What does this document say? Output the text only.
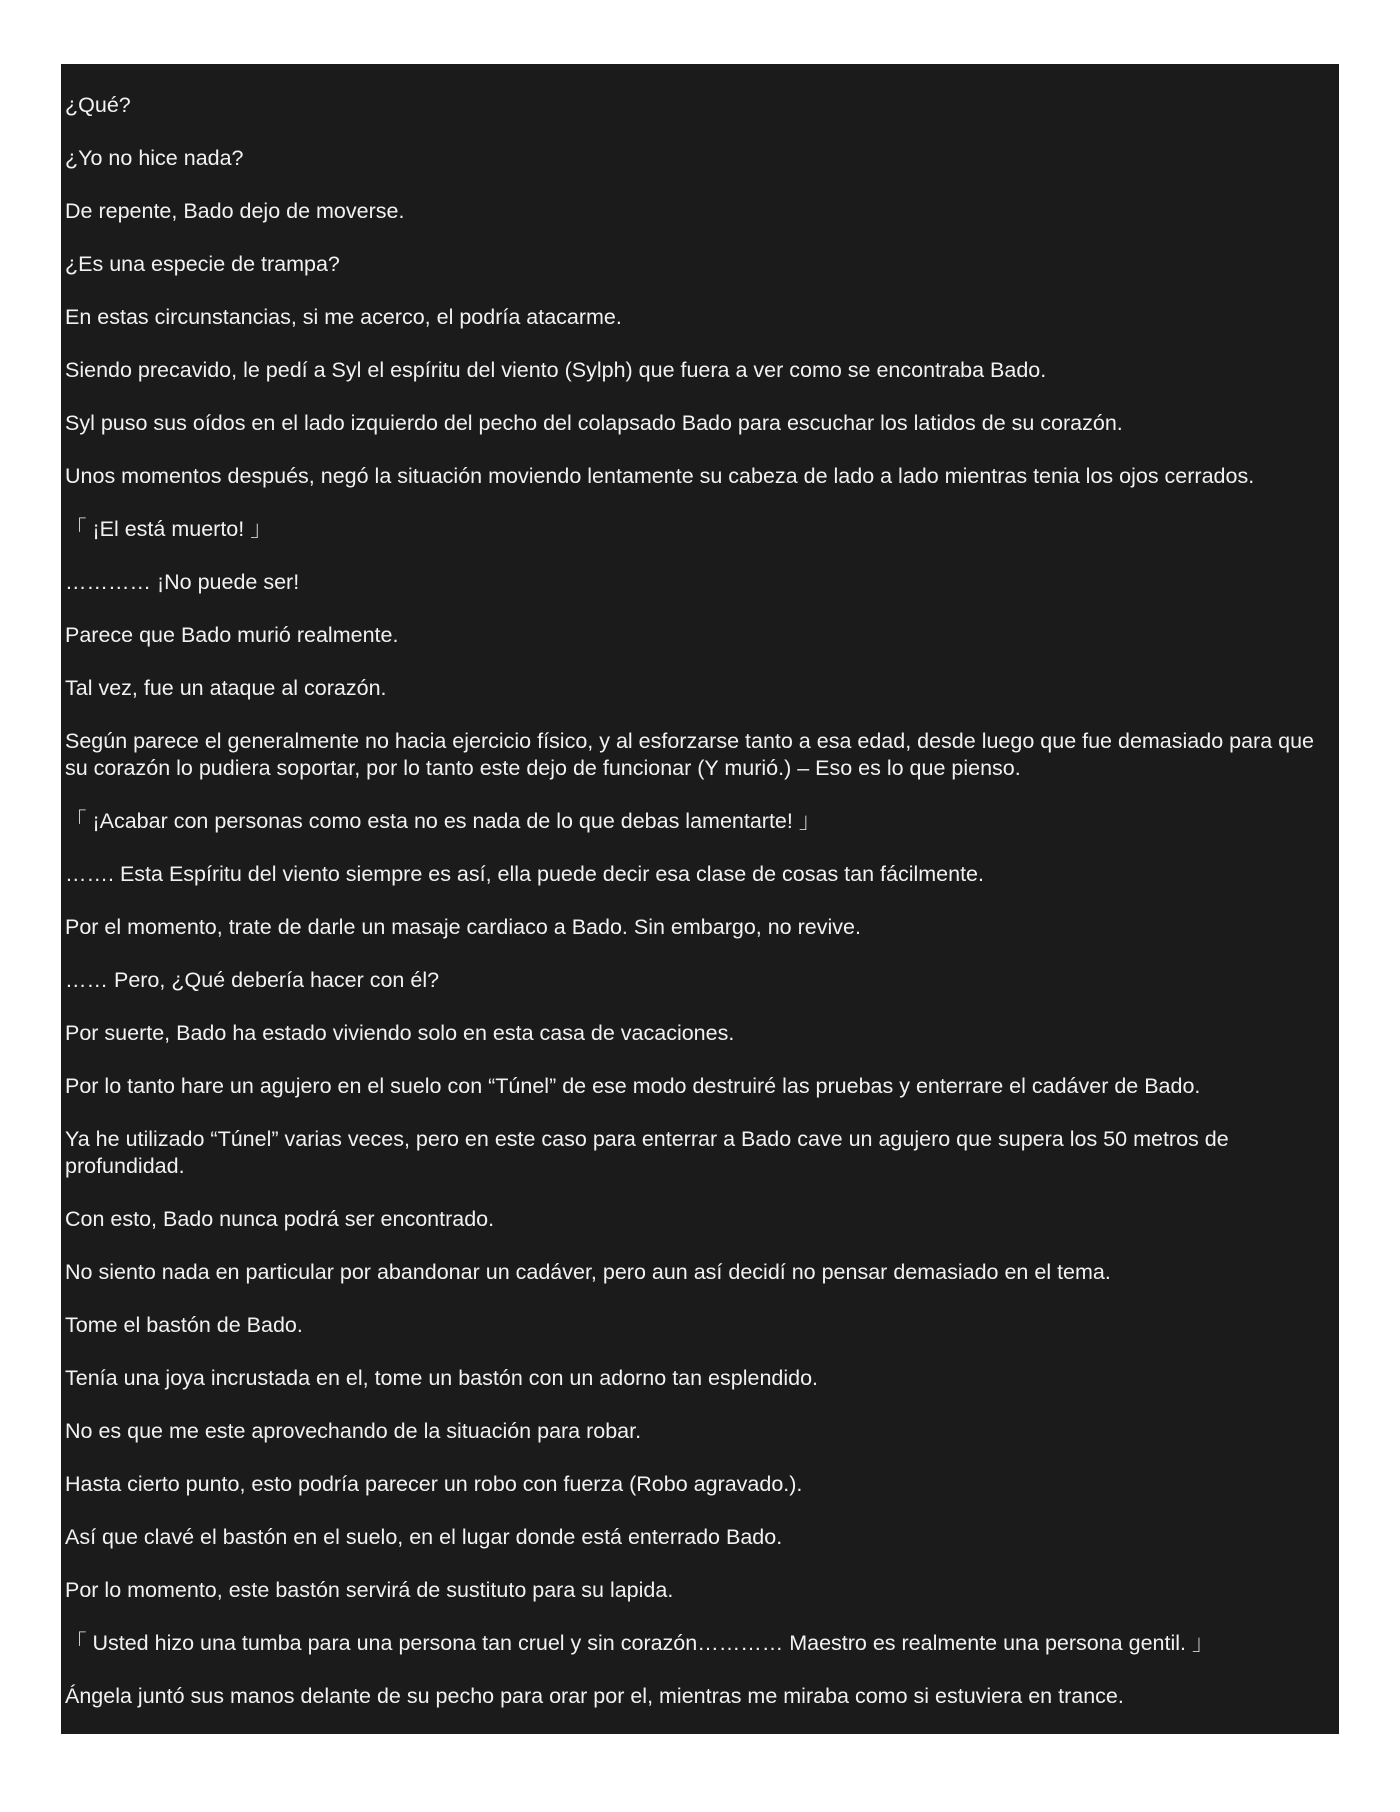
¿Qué?

¿Yo no hice nada?

De repente, Bado dejo de moverse.

¿Es una especie de trampa?

En estas circunstancias, si me acerco, el podría atacarme.

Siendo precavido, le pedí a Syl el espíritu del viento (Sylph) que fuera a ver como se encontraba Bado.

Syl puso sus oídos en el lado izquierdo del pecho del colapsado Bado para escuchar los latidos de su corazón.

Unos momentos después, negó la situación moviendo lentamente su cabeza de lado a lado mientras tenia los ojos cerrados.

「 ¡El está muerto! 」

………… ¡No puede ser!

Parece que Bado murió realmente.

Tal vez, fue un ataque al corazón.

Según parece el generalmente no hacia ejercicio físico, y al esforzarse tanto a esa edad, desde luego que fue demasiado para que su corazón lo pudiera soportar, por lo tanto este dejo de funcionar (Y murió.) – Eso es lo que pienso.

「 ¡Acabar con personas como esta no es nada de lo que debas lamentarte! 」

……. Esta Espíritu del viento siempre es así, ella puede decir esa clase de cosas tan fácilmente.

Por el momento, trate de darle un masaje cardiaco a Bado. Sin embargo, no revive.

…… Pero, ¿Qué debería hacer con él?

Por suerte, Bado ha estado viviendo solo en esta casa de vacaciones.

Por lo tanto hare un agujero en el suelo con “Túnel” de ese modo destruiré las pruebas y enterrare el cadáver de Bado.

Ya he utilizado “Túnel” varias veces, pero en este caso para enterrar a Bado cave un agujero que supera los 50 metros de profundidad.

Con esto, Bado nunca podrá ser encontrado.

No siento nada en particular por abandonar un cadáver, pero aun así decidí no pensar demasiado en el tema.

Tome el bastón de Bado.

Tenía una joya incrustada en el, tome un bastón con un adorno tan esplendido.

No es que me este aprovechando de la situación para robar.

Hasta cierto punto, esto podría parecer un robo con fuerza (Robo agravado.).

Así que clavé el bastón en el suelo, en el lugar donde está enterrado Bado.

Por lo momento, este bastón servirá de sustituto para su lapida.

「 Usted hizo una tumba para una persona tan cruel y sin corazón………… Maestro es realmente una persona gentil. 」

Ángela juntó sus manos delante de su pecho para orar por el, mientras me miraba como si estuviera en trance.
